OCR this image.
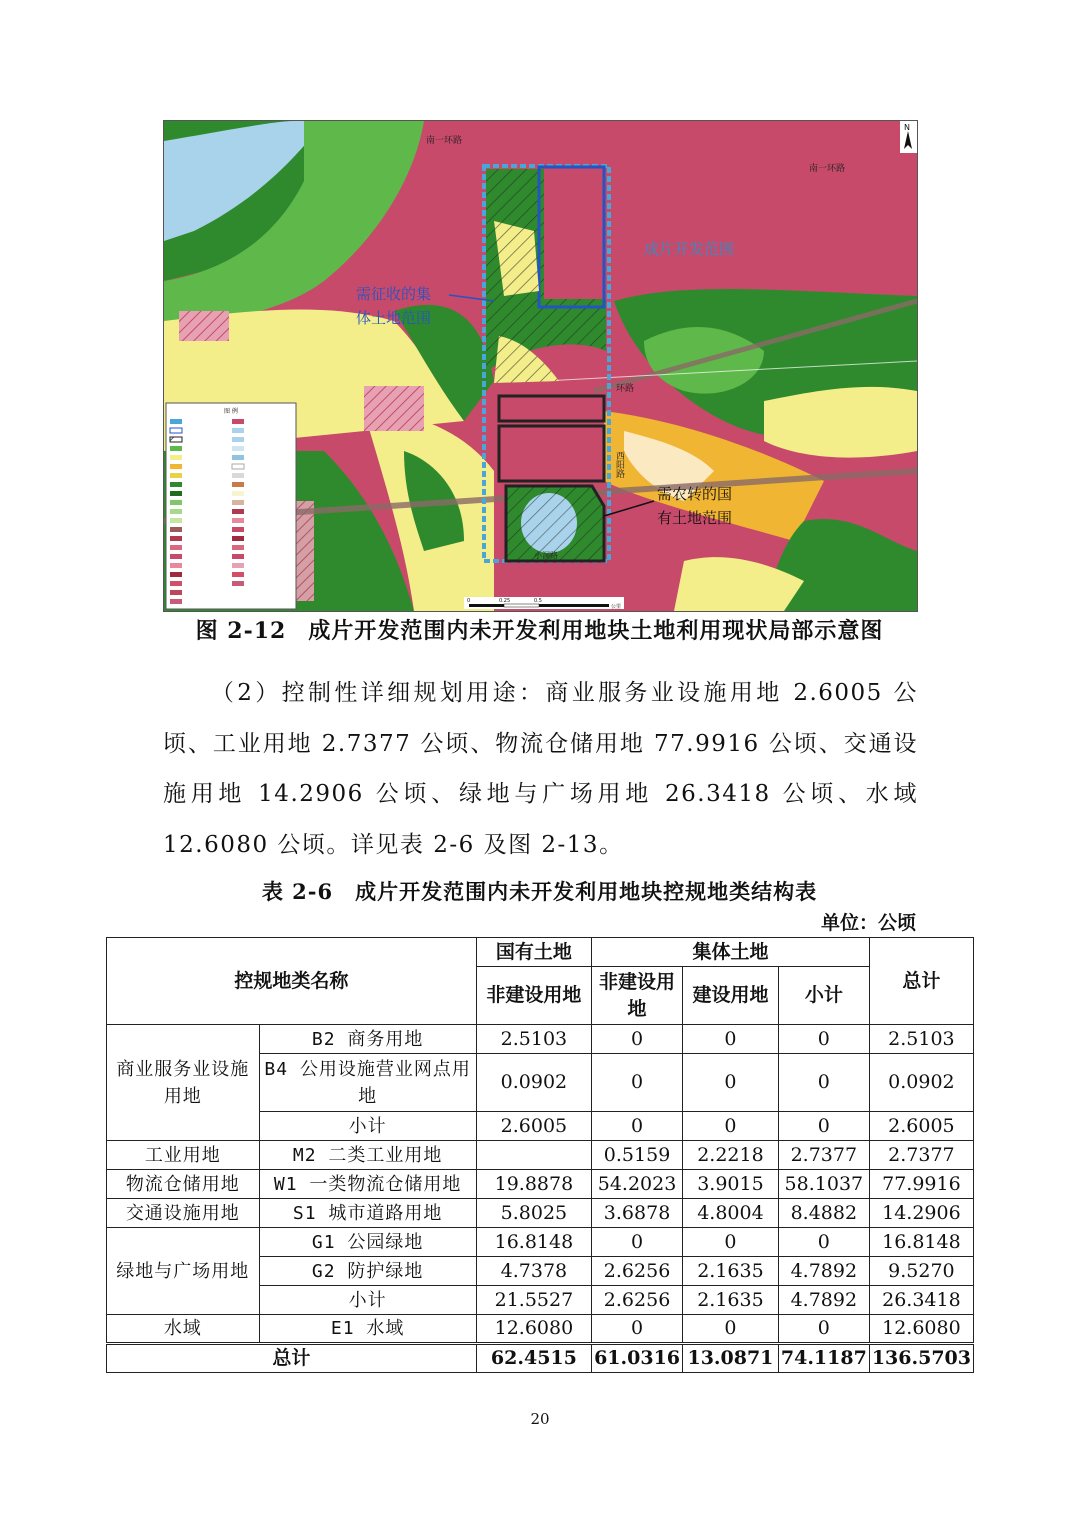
南一环路
南一环路
成片开发范围
需征收的集
体土地范围
需农转的国
有土地范围
环路
西阳路
小洞路
N
图 例
0	0.25	0.5
公里
图 2-12 成片开发范围内未开发利用地块土地利用现状局部示意图
（2）控制性详细规划用途：商业服务业设施用地 2.6005 公顷、工业用地 2.7377 公顷、物流仓储用地 77.9916 公顷、交通设施用地 14.2906 公顷、绿地与广场用地 26.3418 公顷、水域 12.6080 公顷。详见表 2-6 及图 2-13。
表 2-6 成片开发范围内未开发利用地块控规地类结构表
单位：公顷
控规地类名称		国有土地	集体土地			总计
		非建设用地	非建设用地	建设用地	小计	
商业服务业设施用地	B2 商务用地	2.5103	0	0	0	2.5103
	B4 公用设施营业网点用地	0.0902	0	0	0	0.0902
	小计	2.6005	0	0	0	2.6005
工业用地	M2 二类工业用地		0.5159	2.2218	2.7377	2.7377
物流仓储用地	W1 一类物流仓储用地	19.8878	54.2023	3.9015	58.1037	77.9916
交通设施用地	S1 城市道路用地	5.8025	3.6878	4.8004	8.4882	14.2906
绿地与广场用地	G1 公园绿地	16.8148	0	0	0	16.8148
	G2 防护绿地	4.7378	2.6256	2.1635	4.7892	9.5270
	小计	21.5527	2.6256	2.1635	4.7892	26.3418
水域	E1 水域	12.6080	0	0	0	12.6080
总计		62.4515	61.0316	13.0871	74.1187	136.5703
20
